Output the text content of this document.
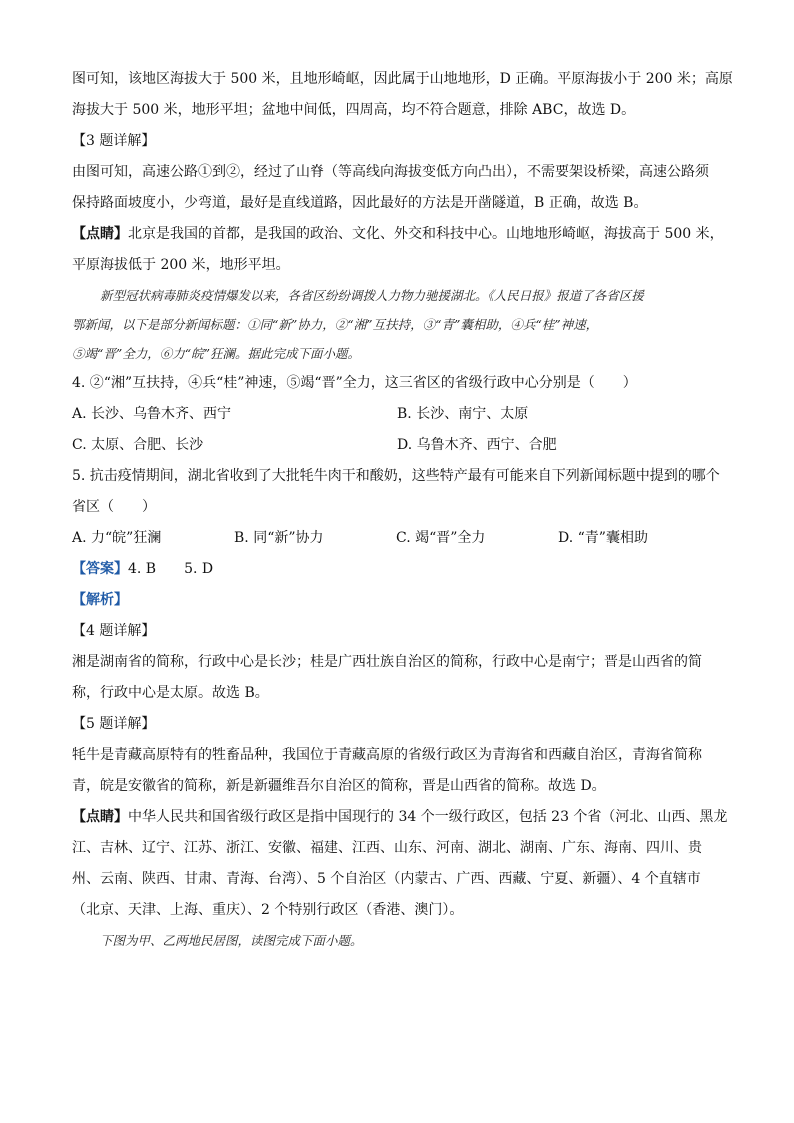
图可知，该地区海拔大于 500 米，且地形崎岖，因此属于山地地形，D 正确。平原海拔小于 200 米；高原
海拔大于 500 米，地形平坦；盆地中间低，四周高，均不符合题意，排除 ABC，故选 D。
【3 题详解】
由图可知，高速公路①到②，经过了山脊（等高线向海拔变低方向凸出），不需要架设桥梁，高速公路须
保持路面坡度小，少弯道，最好是直线道路，因此最好的方法是开凿隧道，B 正确，故选 B。
【点睛】北京是我国的首都，是我国的政治、文化、外交和科技中心。山地地形崎岖，海拔高于 500 米，
平原海拔低于 200 米，地形平坦。
新型冠状病毒肺炎疫情爆发以来，各省区纷纷调拨人力物力驰援湖北。《人民日报》报道了各省区援
鄂新闻，以下是部分新闻标题：①同“新”协力，②“湘”互扶持，③“青”囊相助，④兵“桂”神速，
⑤竭“晋”全力，⑥力“皖”狂澜。据此完成下面小题。
4. ②“湘”互扶持，④兵“桂”神速，⑤竭“晋”全力，这三省区的省级行政中心分别是（　　）
A. 长沙、乌鲁木齐、西宁	B. 长沙、南宁、太原
C. 太原、合肥、长沙	D. 乌鲁木齐、西宁、合肥
5. 抗击疫情期间，湖北省收到了大批牦牛肉干和酸奶，这些特产最有可能来自下列新闻标题中提到的哪个
省区（　　）
A. 力“皖”狂澜	B. 同“新”协力	C. 竭“晋”全力	D. “青”囊相助
【答案】4. B　　5. D
【解析】
【4 题详解】
湘是湖南省的简称，行政中心是长沙；桂是广西壮族自治区的简称，行政中心是南宁；晋是山西省的简
称，行政中心是太原。故选 B。
【5 题详解】
牦牛是青藏高原特有的牲畜品种，我国位于青藏高原的省级行政区为青海省和西藏自治区，青海省简称
青，皖是安徽省的简称，新是新疆维吾尔自治区的简称，晋是山西省的简称。故选 D。
【点睛】中华人民共和国省级行政区是指中国现行的 34 个一级行政区，包括 23 个省（河北、山西、黑龙
江、吉林、辽宁、江苏、浙江、安徽、福建、江西、山东、河南、湖北、湖南、广东、海南、四川、贵
州、云南、陕西、甘肃、青海、台湾）、5 个自治区（内蒙古、广西、西藏、宁夏、新疆）、4 个直辖市
（北京、天津、上海、重庆）、2 个特别行政区（香港、澳门）。
下图为甲、乙两地民居图，读图完成下面小题。
